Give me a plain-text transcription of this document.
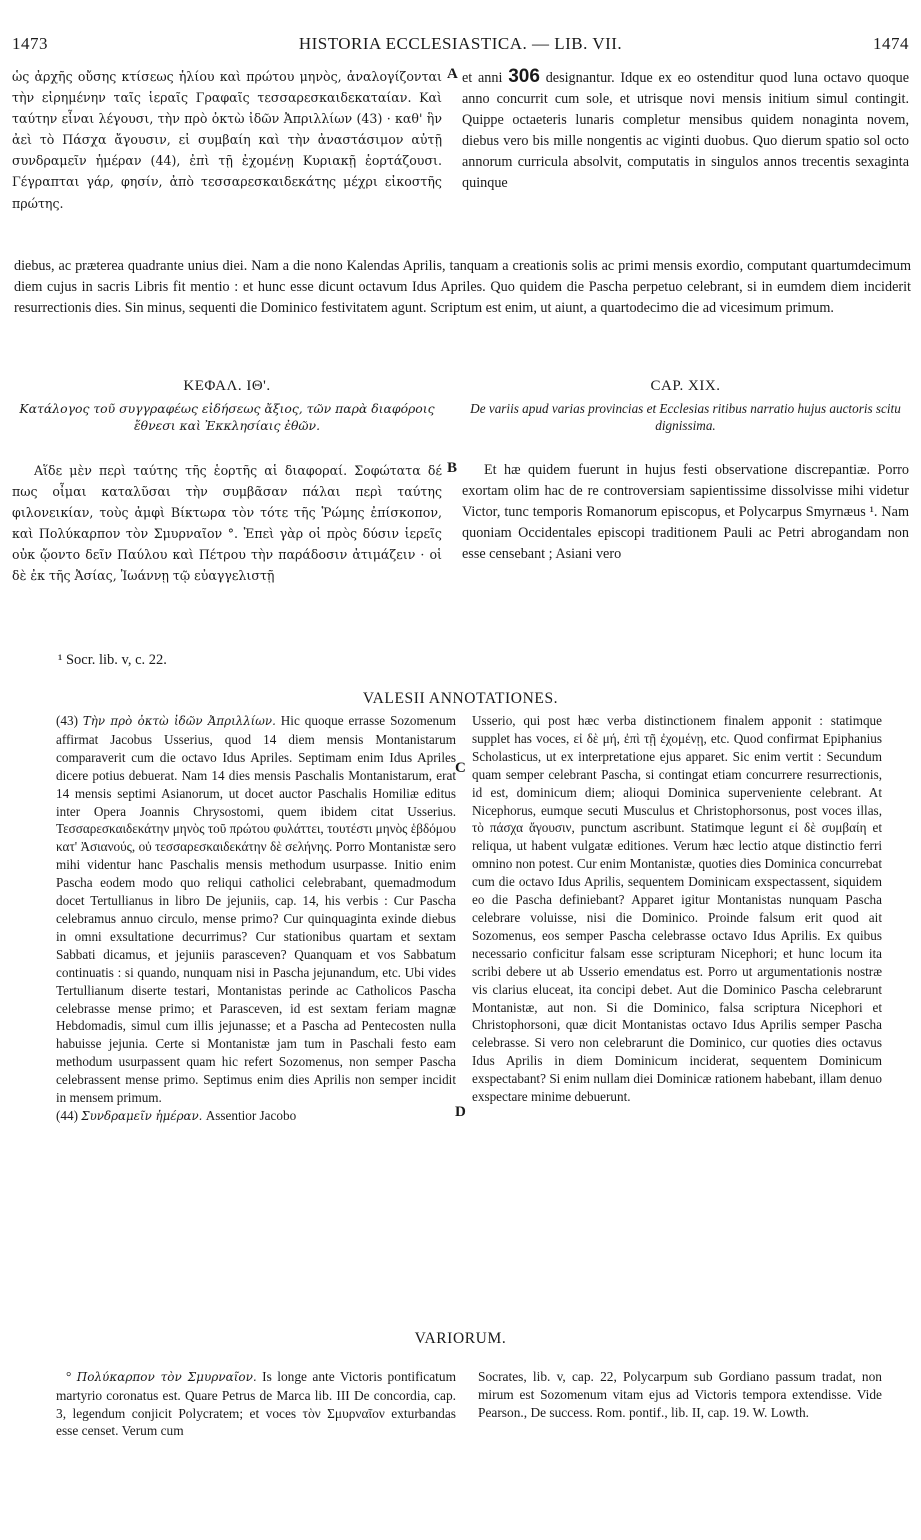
1473	HISTORIA ECCLESIASTICA. — LIB. VII.	1474

ὡς ἀρχῆς οὔσης κτίσεως ἡλίου καὶ πρώτου μηνὸς, ἀναλογίζονται τὴν εἰρημένην ταῖς ἱεραῖς Γραφαῖς τεσσαρεσκαιδεκαταίαν. Καὶ ταύτην εἶναι λέγουσι, τὴν πρὸ ὀκτὼ ἰδῶν Ἀπριλλίων (43) · καθ' ἣν ἀεὶ τὸ Πάσχα ἄγουσιν, εἰ συμβαίη καὶ τὴν ἀναστάσιμον αὐτῇ συνδραμεῖν ἡμέραν (44), ἐπὶ τῇ ἐχομένῃ Κυριακῇ ἑορτάζουσι. Γέγραπται γάρ, φησίν, ἀπὸ τεσσαρεσκαιδεκάτης μέχρι εἰκοστῆς πρώτης.

A et anni 306 designantur. Idque ex eo ostenditur quod luna octavo quoque anno concurrit cum sole, et utrisque novi mensis initium simul contingit. Quippe octaeteris lunaris completur mensibus quidem nonaginta novem, diebus vero bis mille nongentis ac viginti duobus. Quo dierum spatio sol octo annorum curricula absolvit, computatis in singulos annos trecentis sexaginta quinque

diebus, ac præterea quadrante unius diei. Nam a die nono Kalendas Aprilis, tanquam a creationis solis ac primi mensis exordio, computant quartumdecimum diem cujus in sacris Libris fit mentio : et hunc esse dicunt octavum Idus Apriles. Quo quidem die Pascha perpetuo celebrant, si in eumdem diem inciderit resurrectionis dies. Sin minus, sequenti die Dominico festivitatem agunt. Scriptum est enim, ut aiunt, a quartodecimo die ad vicesimum primum.

ΚΕΦΑΛ. ΙΘ'.	CAP. XIX.
Κατάλογος τοῦ συγγραφέως εἰδήσεως ἄξιος, τῶν παρὰ διαφόροις ἔθνεσι καὶ Ἐκκλησίαις ἐθῶν.
De variis apud varias provincias et Ecclesias ritibus narratio hujus auctoris scitu dignissima.

Αἵδε μὲν περὶ ταύτης τῆς ἑορτῆς αἱ διαφοραί. Σοφώτατα δέ πως οἶμαι καταλῦσαι τὴν συμβᾶσαν πάλαι περὶ ταύτης φιλονεικίαν, τοὺς ἀμφὶ Βίκτωρα τὸν τότε τῆς Ῥώμης ἐπίσκοπον, καὶ Πολύκαρπον τὸν Σμυρναῖον °. Ἐπεὶ γὰρ οἱ πρὸς δύσιν ἱερεῖς οὐκ ᾤοντο δεῖν Παύλου καὶ Πέτρου τὴν παράδοσιν ἀτιμάζειν · οἱ δὲ ἐκ τῆς Ἀσίας, Ἰωάννῃ τῷ εὐαγγελιστῇ

B	Et hæ quidem fuerunt in hujus festi observatione discrepantiæ. Porro exortam olim hac de re controversiam sapientissime dissolvisse mihi videtur Victor, tunc temporis Romanorum episcopus, et Polycarpus Smyrnæus ¹. Nam quoniam Occidentales episcopi traditionem Pauli ac Petri abrogandam non esse censebant ; Asiani vero

¹ Socr. lib. v, c. 22.
VALESII ANNOTATIONES.

(43) Τὴν πρὸ ὀκτὼ ἰδῶν Ἀπριλλίων. Hic quoque errasse Sozomenum affirmat Jacobus Usserius, quod 14 diem mensis Montanistarum comparaverit cum die octavo Idus Apriles. Septimam enim Idus Apriles dicere potius debuerat. Nam 14 dies mensis Paschalis Montanistarum, erat 14 mensis septimi Asianorum, ut docet auctor Paschalis Homiliæ editus inter Opera Joannis Chrysostomi, quem ibidem citat Usserius. Τεσσαρεσκαιδεκάτην μηνὸς τοῦ πρώτου φυλάττει, τουτέστι μηνὸς ἑβδόμου κατ' Ἀσιανούς, οὐ τεσσαρεσκαιδεκάτην δὲ σελήνης. Porro Montanistæ sero mihi videntur hanc Paschalis mensis methodum usurpasse. Initio enim Pascha eodem modo quo reliqui catholici celebrabant, quemadmodum docet Tertullianus in libro De jejuniis, cap. 14, his verbis : Cur Pascha celebramus annuo circulo, mense primo? Cur quinquaginta exinde diebus in omni exsultatione decurrimus? Cur stationibus quartam et sextam Sabbati dicamus, et jejuniis parasceven? Quanquam et vos Sabbatum continuatis : si quando, nunquam nisi in Pascha jejunandum, etc. Ubi vides Tertullianum diserte testari, Montanistas perinde ac Catholicos Pascha celebrasse mense primo; et Parasceven, id est sextam feriam magnæ Hebdomadis, simul cum illis jejunasse; et a Pascha ad Pentecosten nulla habuisse jejunia. Certe si Montanistæ jam tum in Paschali festo eam methodum usurpassent quam hic refert Sozomenus, non semper Pascha celebrassent mense primo. Septimus enim dies Aprilis non semper incidit in mensem primum.

(44) Συνδραμεῖν ἡμέραν. Assentior Jacobo

C
D

Usserio, qui post hæc verba distinctionem finalem apponit : statimque supplet has voces, εἰ δὲ μή, ἐπὶ τῇ ἐχομένῃ, etc. Quod confirmat Epiphanius Scholasticus, ut ex interpretatione ejus apparet. Sic enim vertit : Secundum quam semper celebrant Pascha, si contingat etiam concurrere resurrectionis, id est, dominicum diem; alioqui Dominica superveniente celebrant. At Nicephorus, eumque secuti Musculus et Christophorsonus, post voces illas, τὸ πάσχα ἄγουσιν, punctum ascribunt. Statimque legunt εἰ δὲ συμβαίη et reliqua, ut habent vulgatæ editiones. Verum hæc lectio atque distinctio ferri omnino non potest. Cur enim Montanistæ, quoties dies Dominica concurrebat cum die octavo Idus Aprilis, sequentem Dominicam exspectassent, siquidem eo die Pascha definiebant? Apparet igitur Montanistas nunquam Pascha celebrare voluisse, nisi die Dominico. Proinde falsum erit quod ait Sozomenus, eos semper Pascha celebrasse octavo Idus Aprilis. Ex quibus necessario conficitur falsam esse scripturam Nicephori; et hunc locum ita scribi debere ut ab Usserio emendatus est. Porro ut argumentationis nostræ vis clarius eluceat, ita concipi debet. Aut die Dominico Pascha celebrarunt Montanistæ, aut non. Si die Dominico, falsa scriptura Nicephori et Christophorsoni, quæ dicit Montanistas octavo Idus Aprilis semper Pascha celebrasse. Si vero non celebrarunt die Dominico, cur quoties dies octavus Idus Aprilis in diem Dominicum inciderat, sequentem Dominicum exspectabant? Si enim nullam diei Dominicæ rationem habebant, illam denuo exspectare minime debuerunt.

VARIORUM.

° Πολύκαρπον τὸν Σμυρναῖον. Is longe ante Victoris pontificatum martyrio coronatus est. Quare Petrus de Marca lib. III De concordia, cap. 3, legendum conjicit Polycratem; et voces τὸν Σμυρναῖον exturbandas esse censet. Verum cum

Socrates, lib. v, cap. 22, Polycarpum sub Gordiano passum tradat, non mirum est Sozomenum vitam ejus ad Victoris tempora extendisse. Vide Pearson., De success. Rom. pontif., lib. II, cap. 19. W. Lowth.
